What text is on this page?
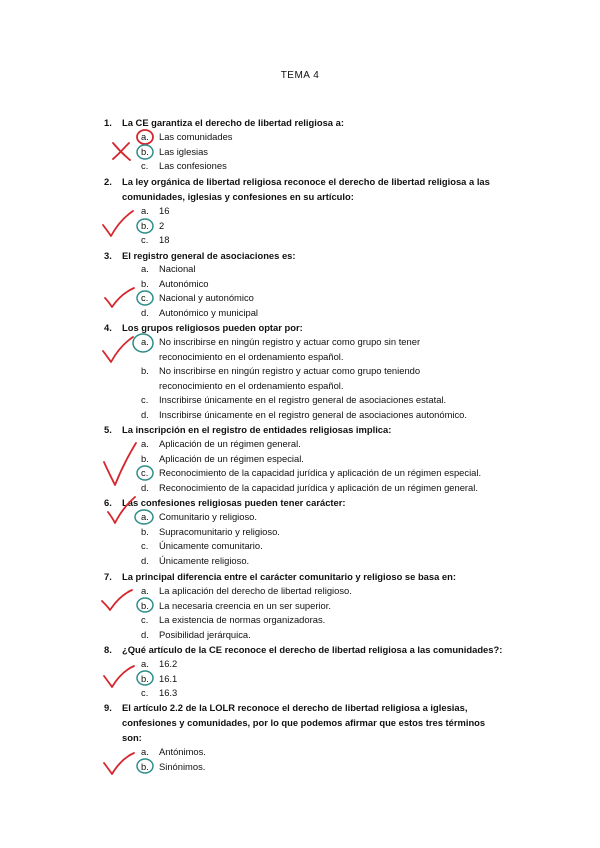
TEMA 4
1. La CE garantiza el derecho de libertad religiosa a:
a. Las comunidades
b. Las iglesias
c. Las confesiones
2. La ley orgánica de libertad religiosa reconoce el derecho de libertad religiosa a las
comunidades, iglesias y confesiones en su artículo:
a. 16
b. 2
c. 18
3. El registro general de asociaciones es:
a. Nacional
b. Autonómico
c. Nacional y autonómico
d. Autonómico y municipal
4. Los grupos religiosos pueden optar por:
a. No inscribirse en ningún registro y actuar como grupo sin tener
reconocimiento en el ordenamiento español.
b. No inscribirse en ningún registro y actuar como grupo teniendo
reconocimiento en el ordenamiento español.
c. Inscribirse únicamente en el registro general de asociaciones estatal.
d. Inscribirse únicamente en el registro general de asociaciones autonómico.
5. La inscripción en el registro de entidades religiosas implica:
a. Aplicación de un régimen general.
b. Aplicación de un régimen especial.
c. Reconocimiento de la capacidad jurídica y aplicación de un régimen especial.
d. Reconocimiento de la capacidad jurídica y aplicación de un régimen general.
6. Las confesiones religiosas pueden tener carácter:
a. Comunitario y religioso.
b. Supracomunitario y religioso.
c. Únicamente comunitario.
d. Únicamente religioso.
7. La principal diferencia entre el carácter comunitario y religioso se basa en:
a. La aplicación del derecho de libertad religioso.
b. La necesaria creencia en un ser superior.
c. La existencia de normas organizadoras.
d. Posibilidad jerárquica.
8. ¿Qué artículo de la CE reconoce el derecho de libertad religiosa a las comunidades?:
a. 16.2
b. 16.1
c. 16.3
9. El artículo 2.2 de la LOLR reconoce el derecho de libertad religiosa a iglesias,
confesiones y comunidades, por lo que podemos afirmar que estos tres términos
son:
a. Antónimos.
b. Sinónimos.
